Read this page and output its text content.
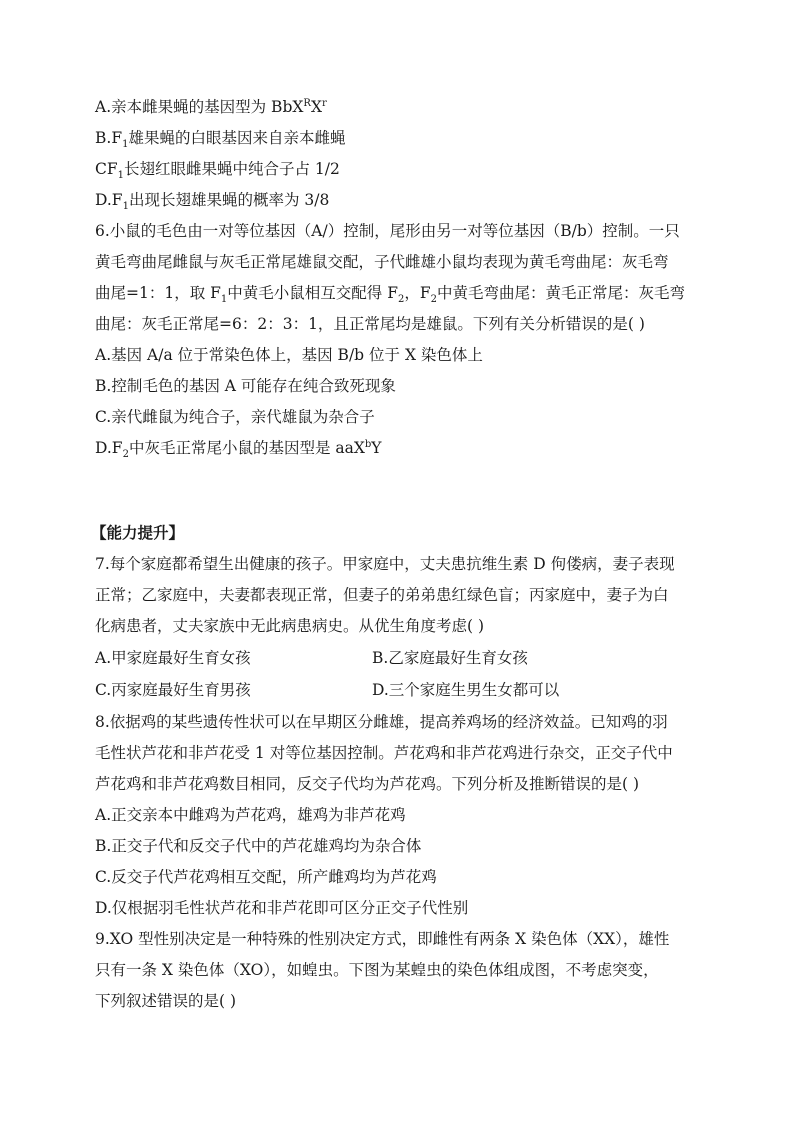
A.亲本雌果蝇的基因型为 $BbX^RX^r$
$B.F_1$雄果蝇的白眼基因来自亲本雌蝇
$CF_1$长翅红眼雌果蝇中纯合子占 1/2
$D.F_1$出现长翅雄果蝇的概率为 3/8
6.小鼠的毛色由一对等位基因（A/）控制，尾形由另一对等位基因（B/b）控制。一只
黄毛弯曲尾雌鼠与灰毛正常尾雄鼠交配，子代雌雄小鼠均表现为黄毛弯曲尾：灰毛弯
曲尾=1：1，取 $F_1$中黄毛小鼠相互交配得 $F_2$，$F_2$中黄毛弯曲尾：黄毛正常尾：灰毛弯
曲尾：灰毛正常尾=6：2：3：1，且正常尾均是雄鼠。下列有关分析错误的是( )
A.基因 A/a 位于常染色体上，基因 B/b 位于 X 染色体上
B.控制毛色的基因 A 可能存在纯合致死现象
C.亲代雌鼠为纯合子，亲代雄鼠为杂合子
$D.F_2$中灰毛正常尾小鼠的基因型是 aaX$^b$Y
【能力提升】
7.每个家庭都希望生出健康的孩子。甲家庭中，丈夫患抗维生素 D 佝偻病，妻子表现
正常；乙家庭中，夫妻都表现正常，但妻子的弟弟患红绿色盲；丙家庭中，妻子为白
化病患者，丈夫家族中无此病患病史。从优生角度考虑( )
A.甲家庭最好生育女孩	B.乙家庭最好生育女孩
C.丙家庭最好生育男孩	D.三个家庭生男生女都可以
8.依据鸡的某些遗传性状可以在早期区分雌雄，提高养鸡场的经济效益。已知鸡的羽
毛性状芦花和非芦花受 1 对等位基因控制。芦花鸡和非芦花鸡进行杂交，正交子代中
芦花鸡和非芦花鸡数目相同，反交子代均为芦花鸡。下列分析及推断错误的是( )
A.正交亲本中雌鸡为芦花鸡，雄鸡为非芦花鸡
B.正交子代和反交子代中的芦花雄鸡均为杂合体
C.反交子代芦花鸡相互交配，所产雌鸡均为芦花鸡
D.仅根据羽毛性状芦花和非芦花即可区分正交子代性别
9.XO 型性别决定是一种特殊的性别决定方式，即雌性有两条 X 染色体（XX），雄性
只有一条 X 染色体（XO），如蝗虫。下图为某蝗虫的染色体组成图，不考虑突变，
下列叙述错误的是( )
